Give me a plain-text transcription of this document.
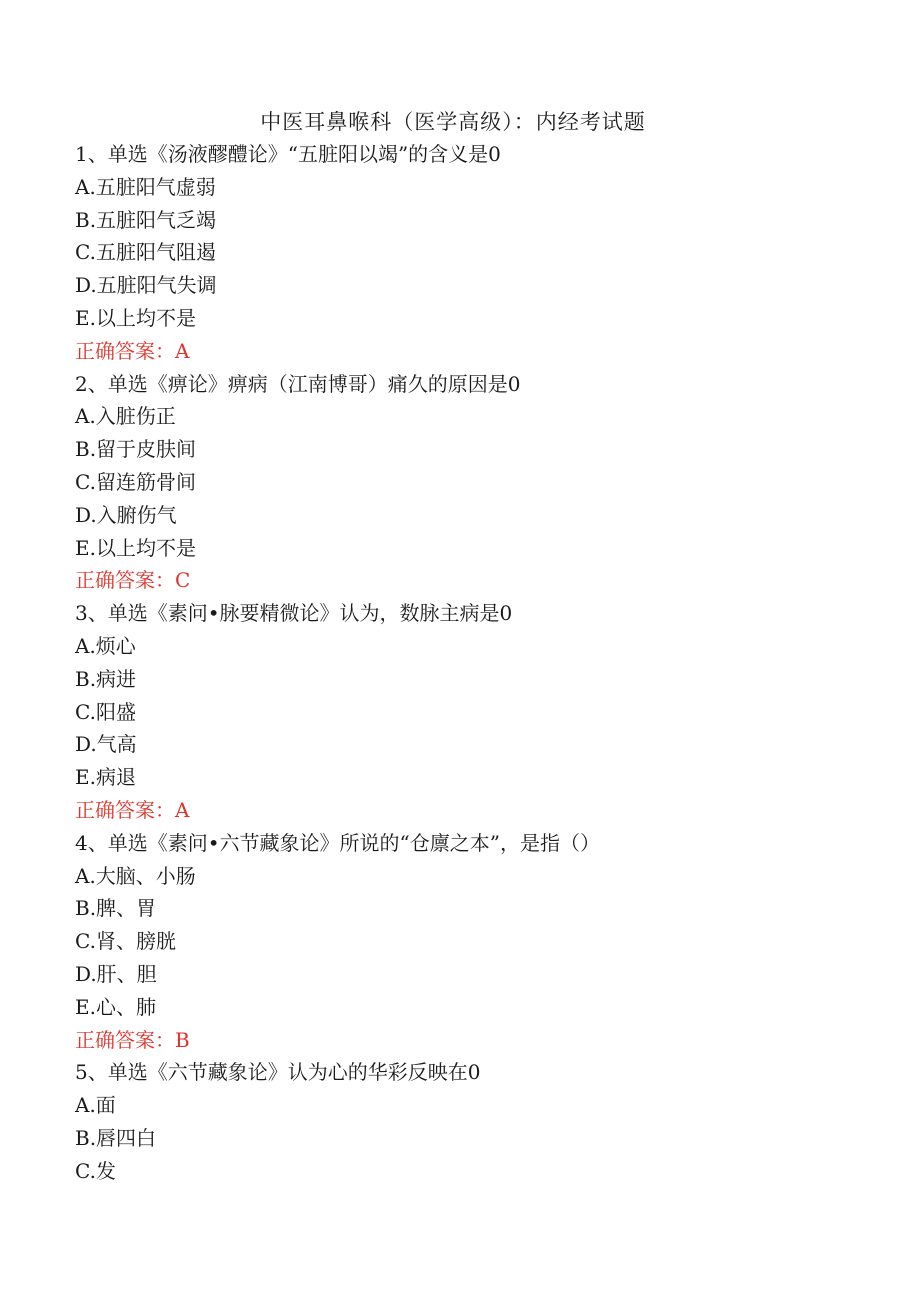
中医耳鼻喉科（医学高级）：内经考试题
1、单选《汤液醪醴论》“五脏阳以竭”的含义是0
A.五脏阳气虚弱
B.五脏阳气乏竭
C.五脏阳气阻遏
D.五脏阳气失调
E.以上均不是
正确答案：A
2、单选《痹论》痹病（江南博哥）痛久的原因是0
A.入脏伤正
B.留于皮肤间
C.留连筋骨间
D.入腑伤气
E.以上均不是
正确答案：C
3、单选《素问•脉要精微论》认为，数脉主病是0
A.烦心
B.病进
C.阳盛
D.气高
E.病退
正确答案：A
4、单选《素问•六节藏象论》所说的“仓廪之本”，是指（）
A.大脑、小肠
B.脾、胃
C.肾、膀胱
D.肝、胆
E.心、肺
正确答案：B
5、单选《六节藏象论》认为心的华彩反映在0
A.面
B.唇四白
C.发
